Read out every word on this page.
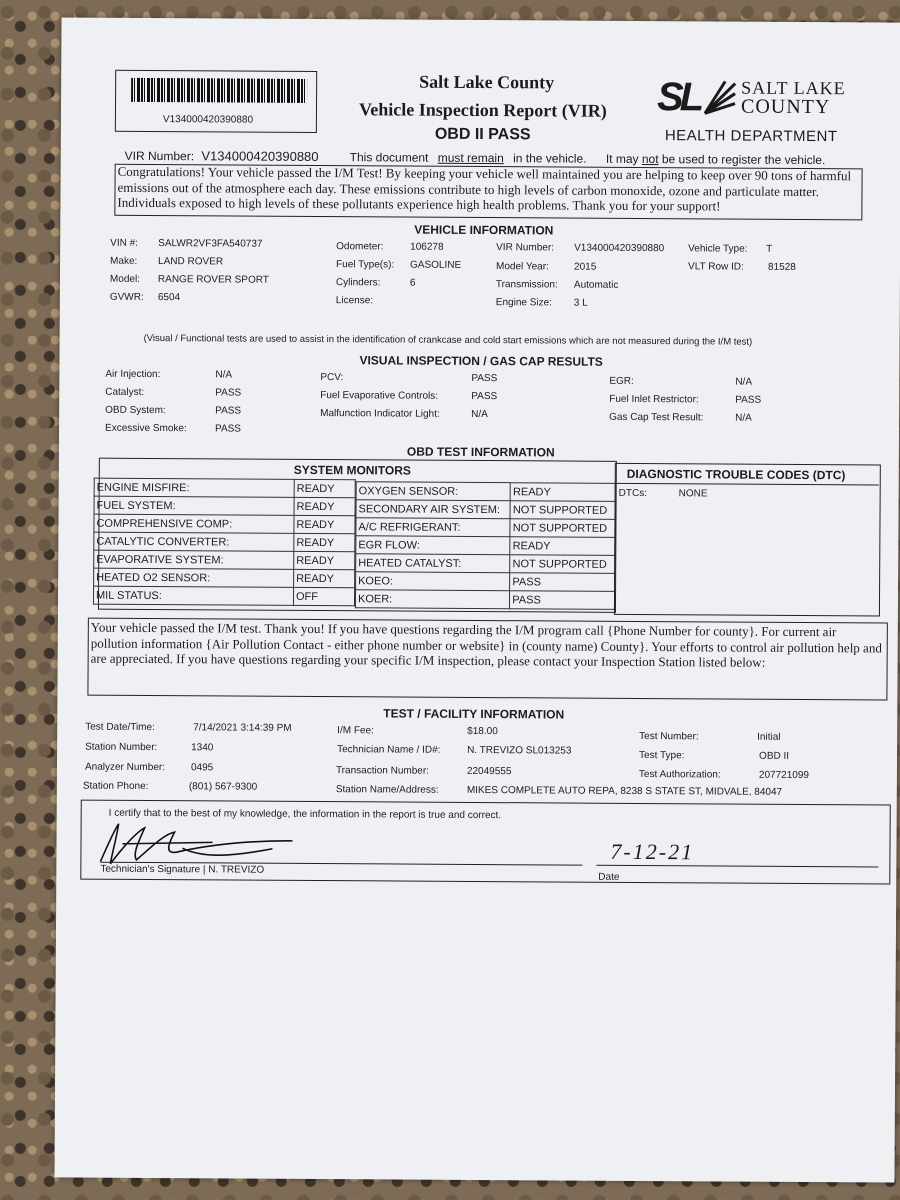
V134000420390880
Salt Lake County
Vehicle Inspection Report (VIR)
OBD II PASS
SL SALT LAKE
COUNTY
HEALTH DEPARTMENT
VIR Number: V134000420390880	This document must remain in the vehicle. It may not be used to register the vehicle.
Congratulations! Your vehicle passed the I/M Test! By keeping your vehicle well maintained you are helping to keep over 90 tons of harmful emissions out of the atmosphere each day. These emissions contribute to high levels of carbon monoxide, ozone and particulate matter. Individuals exposed to high levels of these pollutants experience high health problems. Thank you for your support!
VEHICLE INFORMATION
VIN #: SALWR2VF3FA540737
Make: LAND ROVER
Model: RANGE ROVER SPORT
GVWR: 6504
Odometer:	106278
Fuel Type(s): GASOLINE
Cylinders:	6
License:
VIR Number: V134000420390880
Model Year:	2015
Transmission: Automatic
Engine Size: 3 L
Vehicle Type: T
VLT Row ID: 81528
(Visual / Functional tests are used to assist in the identification of crankcase and cold start emissions which are not measured during the I/M test)
VISUAL INSPECTION / GAS CAP RESULTS
Air Injection:	N/A
Catalyst:	PASS
OBD System:	PASS
Excessive Smoke:	PASS
PCV:	PASS
Fuel Evaporative Controls:	PASS
Malfunction Indicator Light:	N/A
EGR:	N/A
Fuel Inlet Restrictor:	PASS
Gas Cap Test Result:	N/A
OBD TEST INFORMATION
SYSTEM MONITORS
ENGINE MISFIRE:	READY
FUEL SYSTEM:	READY
COMPREHENSIVE COMP:	READY
CATALYTIC CONVERTER:	READY
EVAPORATIVE SYSTEM:	READY
HEATED O2 SENSOR:	READY
MIL STATUS:	OFF
OXYGEN SENSOR:	READY
SECONDARY AIR SYSTEM:	NOT SUPPORTED
A/C REFRIGERANT:	NOT SUPPORTED
EGR FLOW:	READY
HEATED CATALYST:	NOT SUPPORTED
KOEO:	PASS
KOER:	PASS
DIAGNOSTIC TROUBLE CODES (DTC)
DTCs:	NONE
Your vehicle passed the I/M test. Thank you! If you have questions regarding the I/M program call {Phone Number for county}. For current air pollution information {Air Pollution Contact - either phone number or website} in (county name) County}. Your efforts to control air pollution help and are appreciated. If you have questions regarding your specific I/M inspection, please contact your Inspection Station listed below:
TEST / FACILITY INFORMATION
Test Date/Time:	7/14/2021 3:14:39 PM
Station Number:	1340
Analyzer Number:	0495
Station Phone:	(801) 567-9300
I/M Fee:	$18.00
Technician Name / ID#:	N. TREVIZO SL013253
Transaction Number:	22049555
Station Name/Address:	MIKES COMPLETE AUTO REPA, 8238 S STATE ST, MIDVALE, 84047
Test Number:	Initial
Test Type:	OBD II
Test Authorization:	207721099
I certify that to the best of my knowledge, the information in the report is true and correct.
Technician's Signature | N. TREVIZO
Date
7-12-21
